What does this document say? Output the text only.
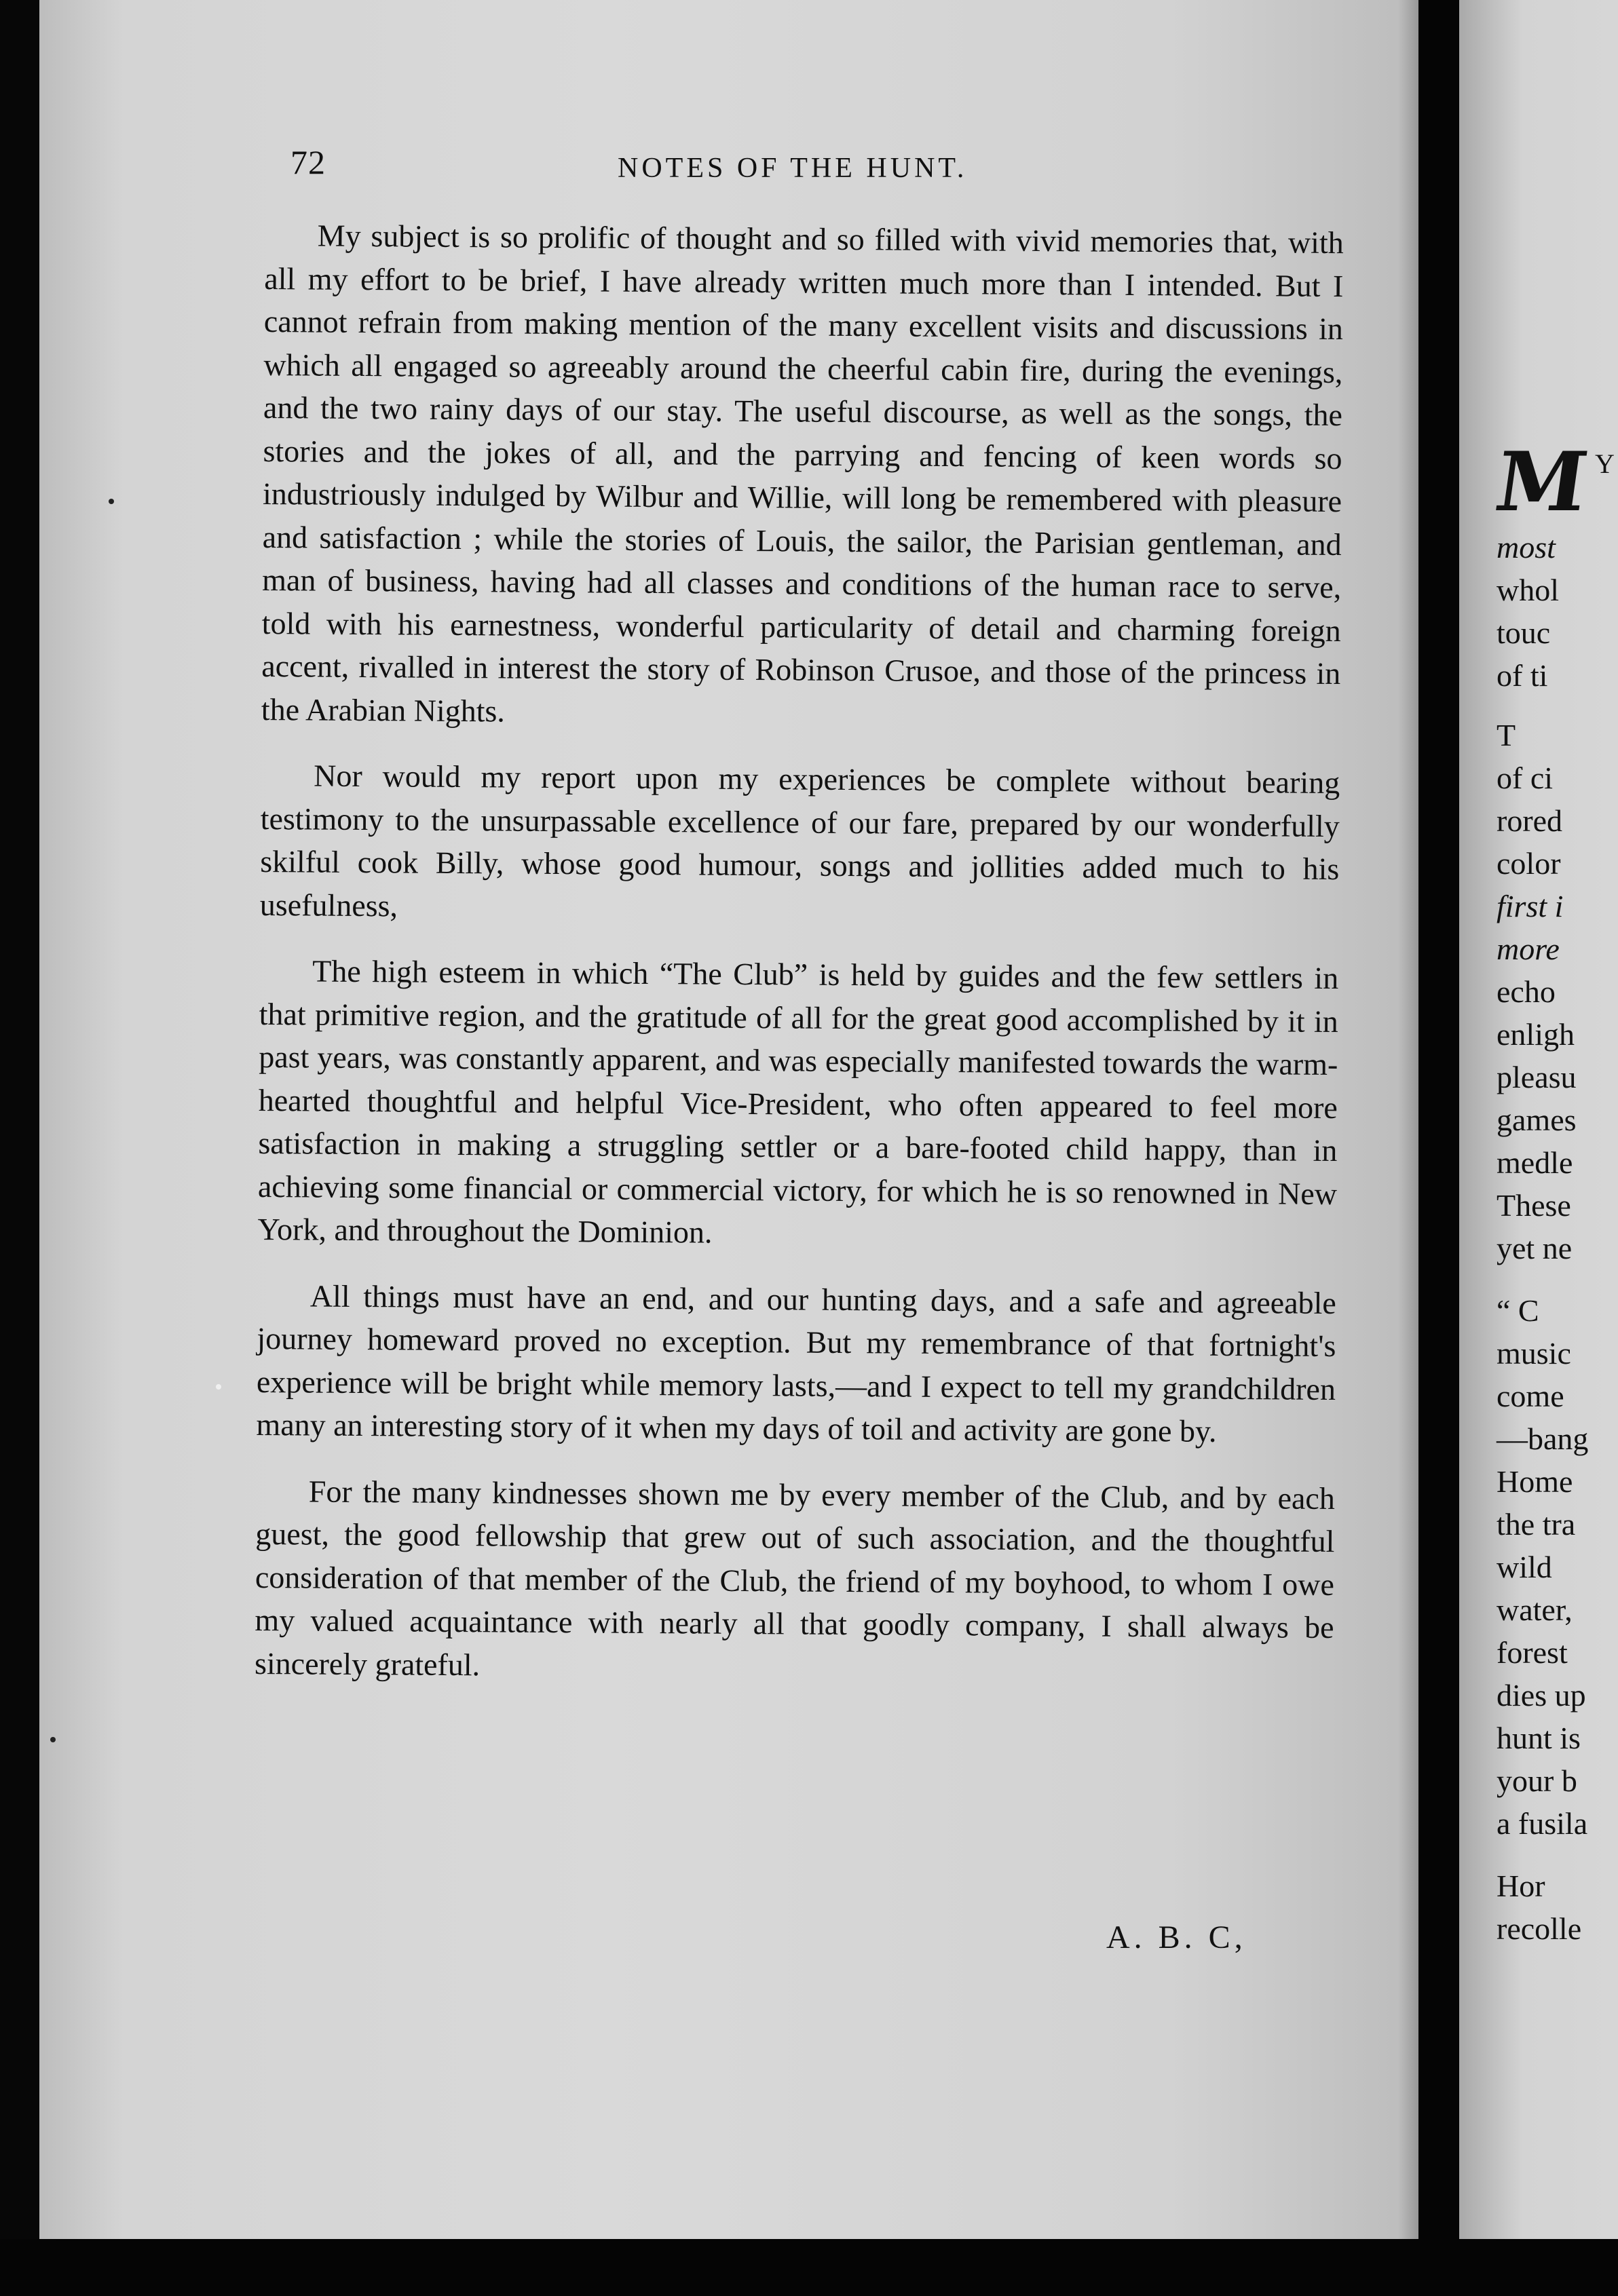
72	NOTES OF THE HUNT.

My subject is so prolific of thought and so filled with vivid memories that, with all my effort to be brief, I have already written much more than I intended. But I cannot refrain from making mention of the many excellent visits and discussions in which all engaged so agreeably around the cheerful cabin fire, during the evenings, and the two rainy days of our stay. The useful discourse, as well as the songs, the stories and the jokes of all, and the parrying and fencing of keen words so industriously indulged by Wilbur and Willie, will long be remembered with pleasure and satisfaction ; while the stories of Louis, the sailor, the Parisian gentleman, and man of business, having had all classes and conditions of the human race to serve, told with his earnestness, wonderful particularity of detail and charming foreign accent, rivalled in interest the story of Robinson Crusoe, and those of the princess in the Arabian Nights.

Nor would my report upon my experiences be complete without bearing testimony to the unsurpassable excellence of our fare, prepared by our wonderfully skilful cook Billy, whose good humour, songs and jollities added much to his usefulness,

The high esteem in which “The Club” is held by guides and the few settlers in that primitive region, and the gratitude of all for the great good accomplished by it in past years, was constantly apparent, and was especially manifested towards the warm-hearted thoughtful and helpful Vice-President, who often appeared to feel more satisfaction in making a struggling settler or a bare-footed child happy, than in achieving some financial or commercial victory, for which he is so renowned in New York, and throughout the Dominion.

All things must have an end, and our hunting days, and a safe and agreeable journey homeward proved no exception. But my remembrance of that fortnight's experience will be bright while memory lasts,—and I expect to tell my grandchildren many an interesting story of it when my days of toil and activity are gone by.

For the many kindnesses shown me by every member of the Club, and by each guest, the good fellowship that grew out of such association, and the thoughtful consideration of that member of the Club, the friend of my boyhood, to whom I owe my valued acquaintance with nearly all that goodly company, I shall always be sincerely grateful.

A. B. C,
M Y
most
whol
touc
of ti
T
of ci
rored
color
first i
more
echo
enligh
pleasu
games
medle
These
yet ne
“ C
music
come
—bang
Home
the tra
wild
water,
forest
dies up
hunt is
your b
a fusila
Hor
recolle
